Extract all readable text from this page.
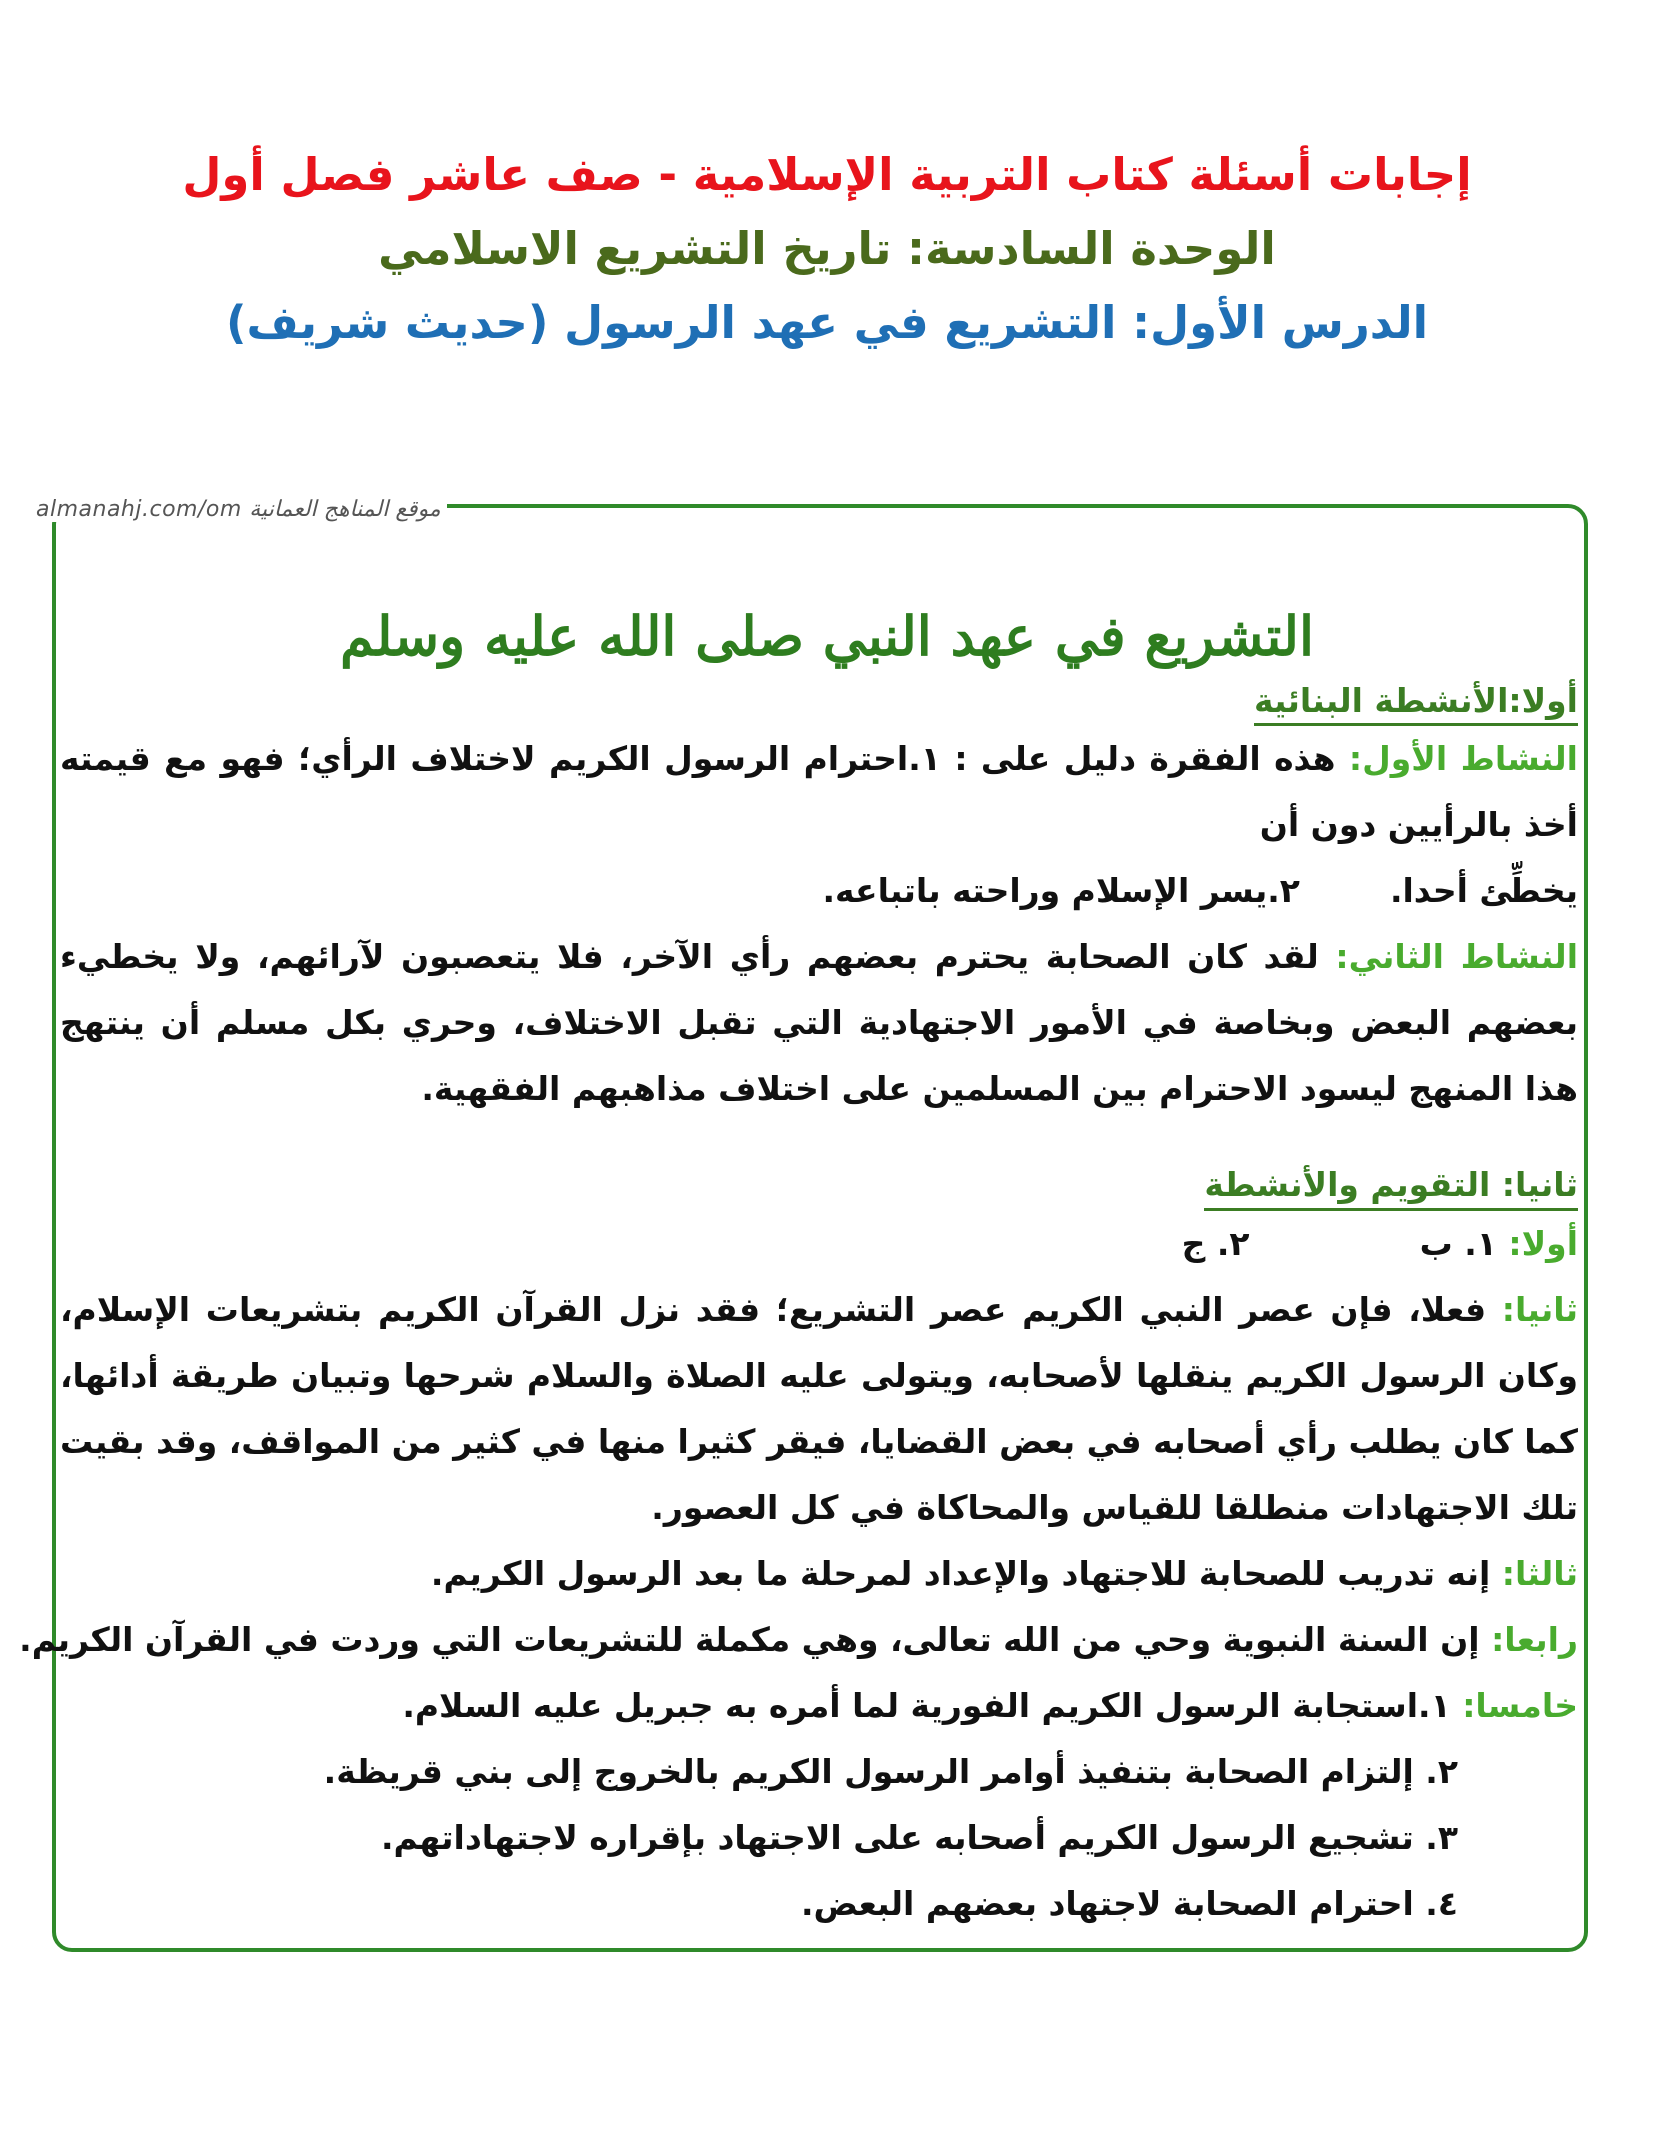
إجابات أسئلة كتاب التربية الإسلامية - صف عاشر فصل أول
الوحدة السادسة: تاريخ التشريع الاسلامي
الدرس الأول: التشريع في عهد الرسول (حديث شريف)
almanahj.com/om موقع المناهج العمانية
التشريع في عهد النبي صلى الله عليه وسلم
أولا:الأنشطة البنائية

النشاط الأول: هذه الفقرة دليل على : ١.احترام الرسول الكريم لاختلاف الرأي؛ فهو مع قيمته أخذ بالرأيين دون أن

يخطِّئ أحدا.٢.يسر الإسلام وراحته باتباعه.

النشاط الثاني: لقد كان الصحابة يحترم بعضهم رأي الآخر، فلا يتعصبون لآرائهم، ولا يخطيء بعضهم البعض وبخاصة في الأمور الاجتهادية التي تقبل الاختلاف، وحري بكل مسلم أن ينتهج هذا المنهج ليسود الاحترام بين المسلمين على اختلاف مذاهبهم الفقهية.

ثانيا: التقويم والأنشطة

أولا: ١. ب٢. ج

ثانيا: فعلا، فإن عصر النبي الكريم عصر التشريع؛ فقد نزل القرآن الكريم بتشريعات الإسلام، وكان الرسول الكريم ينقلها لأصحابه، ويتولى عليه الصلاة والسلام شرحها وتبيان طريقة أدائها، كما كان يطلب رأي أصحابه في بعض القضايا، فيقر كثيرا منها في كثير من المواقف، وقد بقيت تلك الاجتهادات منطلقا للقياس والمحاكاة في كل العصور.

ثالثا: إنه تدريب للصحابة للاجتهاد والإعداد لمرحلة ما بعد الرسول الكريم.

رابعا: إن السنة النبوية وحي من الله تعالى، وهي مكملة للتشريعات التي وردت في القرآن الكريم.

خامسا: ١.استجابة الرسول الكريم الفورية لما أمره به جبريل عليه السلام.

٢. إلتزام الصحابة بتنفيذ أوامر الرسول الكريم بالخروج إلى بني قريظة.

٣. تشجيع الرسول الكريم أصحابه على الاجتهاد بإقراره لاجتهاداتهم.

٤. احترام الصحابة لاجتهاد بعضهم البعض.
